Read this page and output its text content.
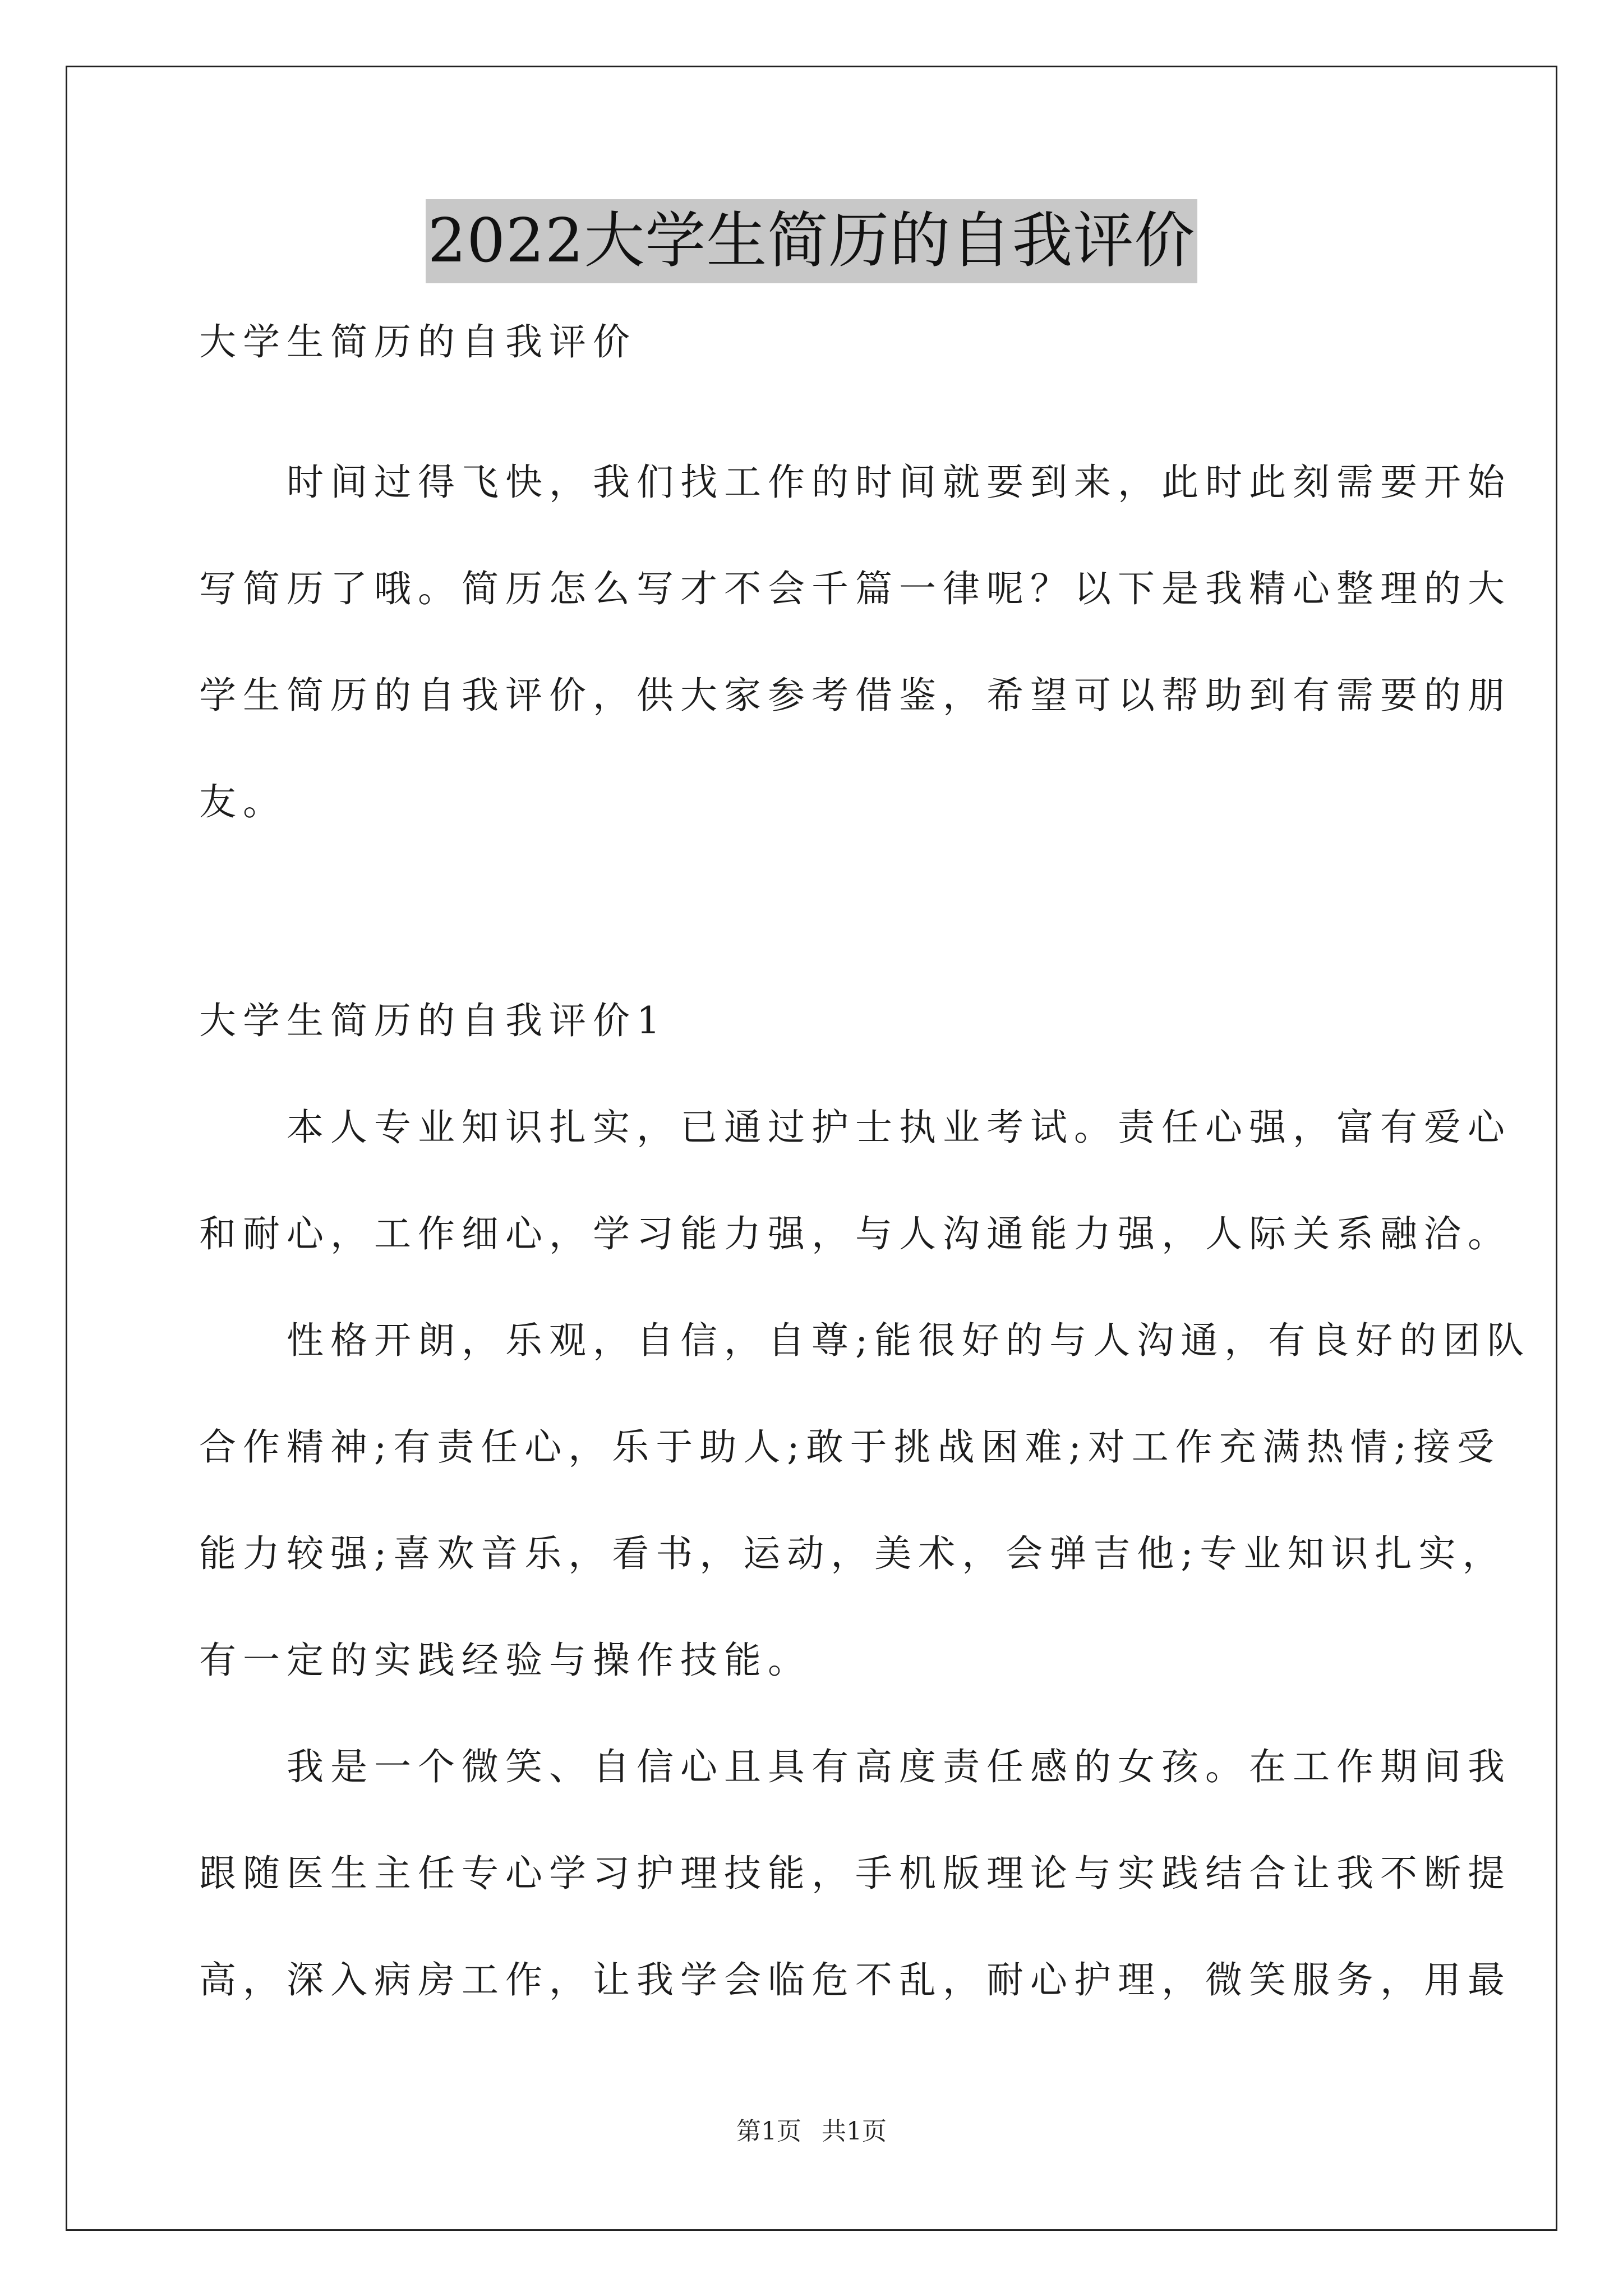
2022大学生简历的自我评价
大学生简历的自我评价
　　时间过得飞快，我们找工作的时间就要到来，此时此刻需要开始
写简历了哦。简历怎么写才不会千篇一律呢？以下是我精心整理的大
学生简历的自我评价，供大家参考借鉴，希望可以帮助到有需要的朋
友。
大学生简历的自我评价1
　　本人专业知识扎实，已通过护士执业考试。责任心强，富有爱心
和耐心，工作细心，学习能力强，与人沟通能力强，人际关系融洽。
　　性格开朗，乐观，自信，自尊;能很好的与人沟通，有良好的团队
合作精神;有责任心，乐于助人;敢于挑战困难;对工作充满热情;接受
能力较强;喜欢音乐，看书，运动，美术，会弹吉他;专业知识扎实，
有一定的实践经验与操作技能。
　　我是一个微笑、自信心且具有高度责任感的女孩。在工作期间我
跟随医生主任专心学习护理技能，手机版理论与实践结合让我不断提
高，深入病房工作，让我学会临危不乱，耐心护理，微笑服务，用最
第1页 共1页
